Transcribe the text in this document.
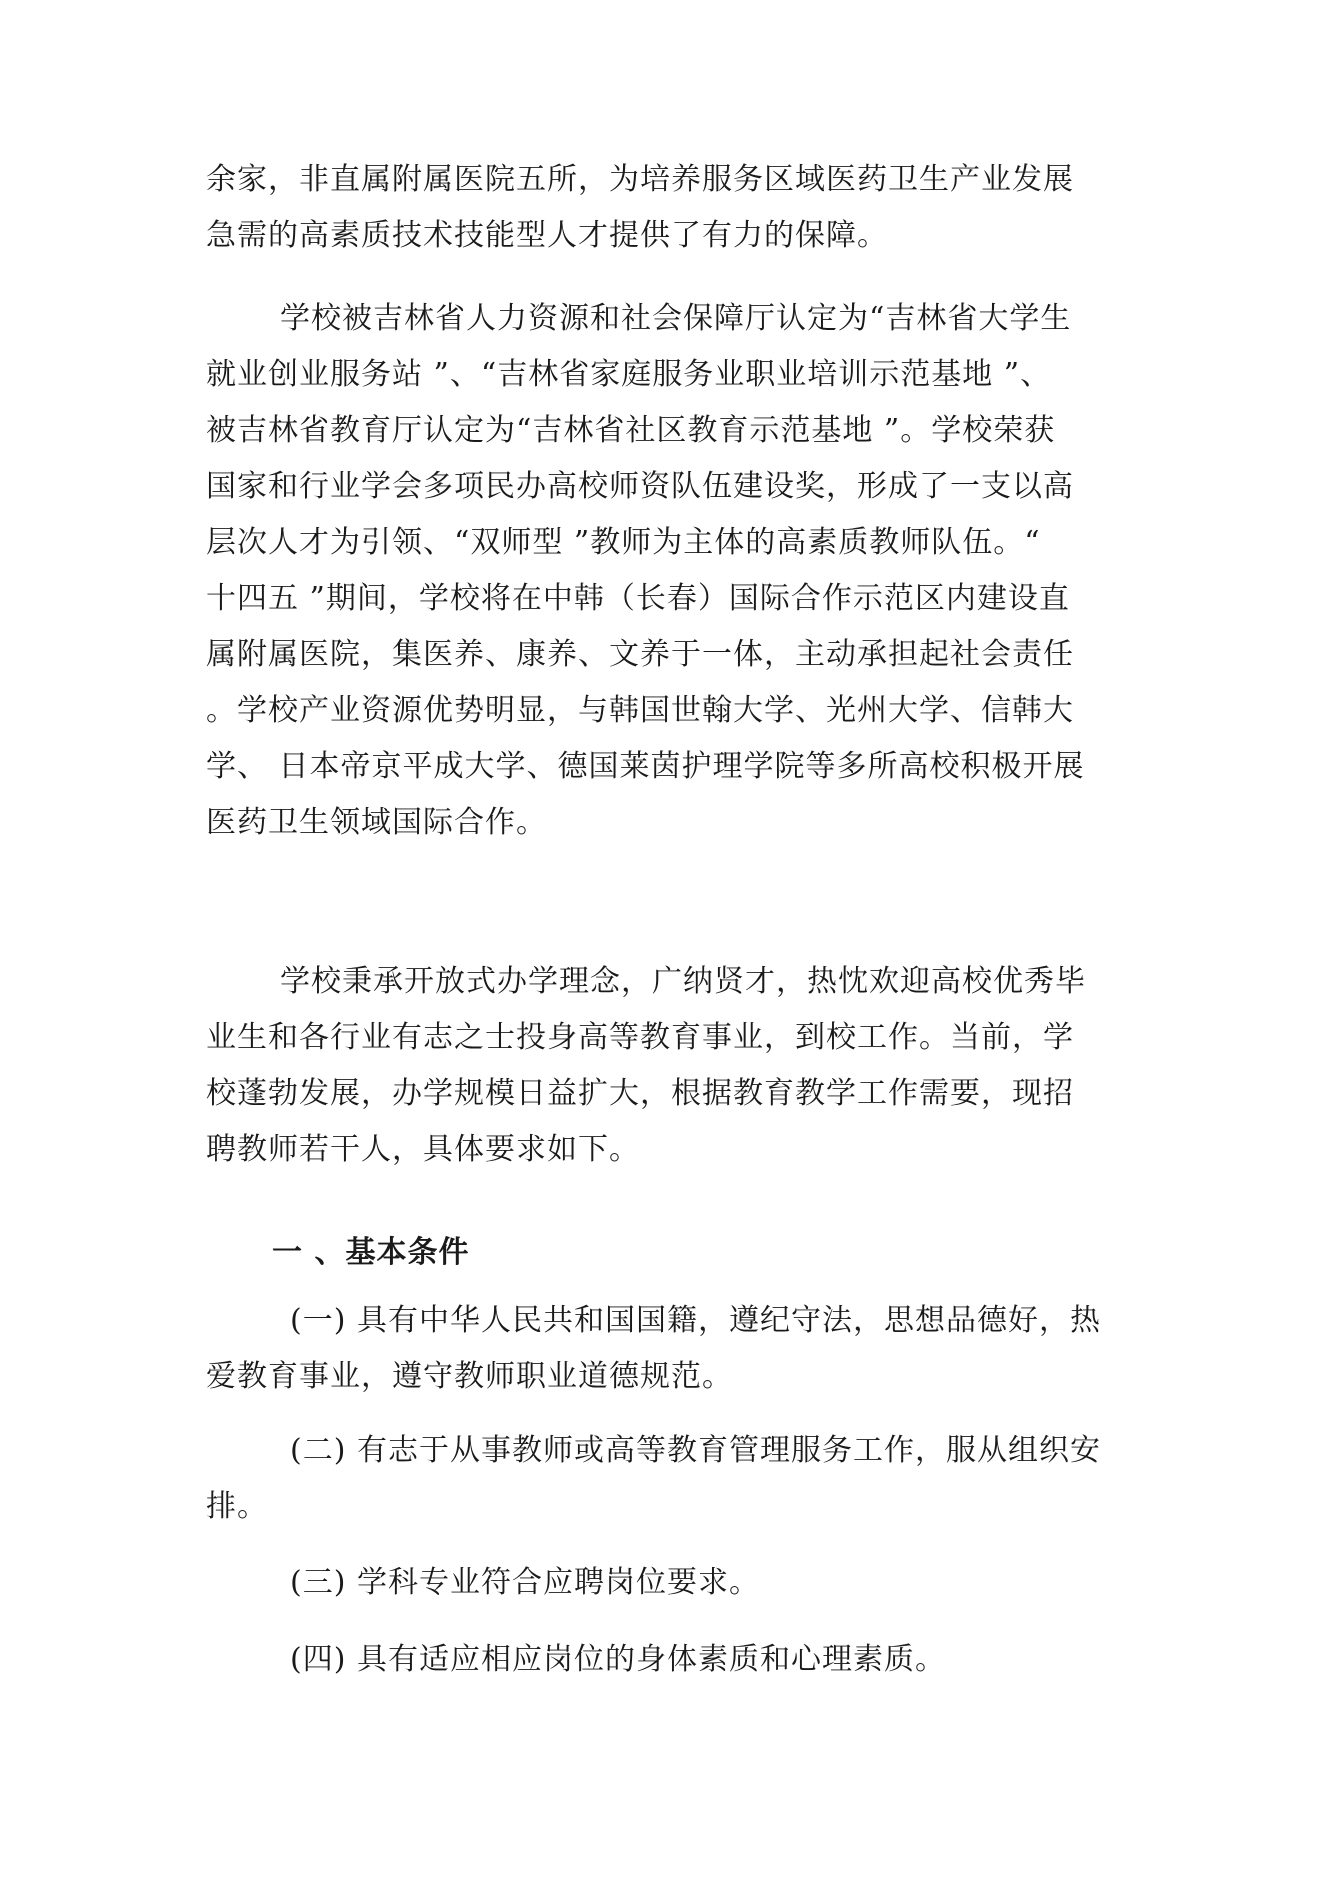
余家，非直属附属医院五所，为培养服务区域医药卫生产业发展
急需的高素质技术技能型人才提供了有力的保障。
学校被吉林省人力资源和社会保障厅认定为“吉林省大学生
就业创业服务站 ”、“吉林省家庭服务业职业培训示范基地 ”、
被吉林省教育厅认定为“吉林省社区教育示范基地 ”。学校荣获
国家和行业学会多项民办高校师资队伍建设奖，形成了一支以高
层次人才为引领、“双师型 ”教师为主体的高素质教师队伍。“
十四五 ”期间，学校将在中韩（长春）国际合作示范区内建设直
属附属医院，集医养、康养、文养于一体，主动承担起社会责任
。学校产业资源优势明显，与韩国世翰大学、光州大学、信韩大
学、 日本帝京平成大学、德国莱茵护理学院等多所高校积极开展
医药卫生领域国际合作。
学校秉承开放式办学理念，广纳贤才，热忱欢迎高校优秀毕
业生和各行业有志之士投身高等教育事业，到校工作。当前，学
校蓬勃发展，办学规模日益扩大，根据教育教学工作需要，现招
聘教师若干人，具体要求如下。
一 、基本条件
(一) 具有中华人民共和国国籍，遵纪守法，思想品德好，热
爱教育事业，遵守教师职业道德规范。
(二) 有志于从事教师或高等教育管理服务工作，服从组织安
排。
(三) 学科专业符合应聘岗位要求。
(四) 具有适应相应岗位的身体素质和心理素质。
